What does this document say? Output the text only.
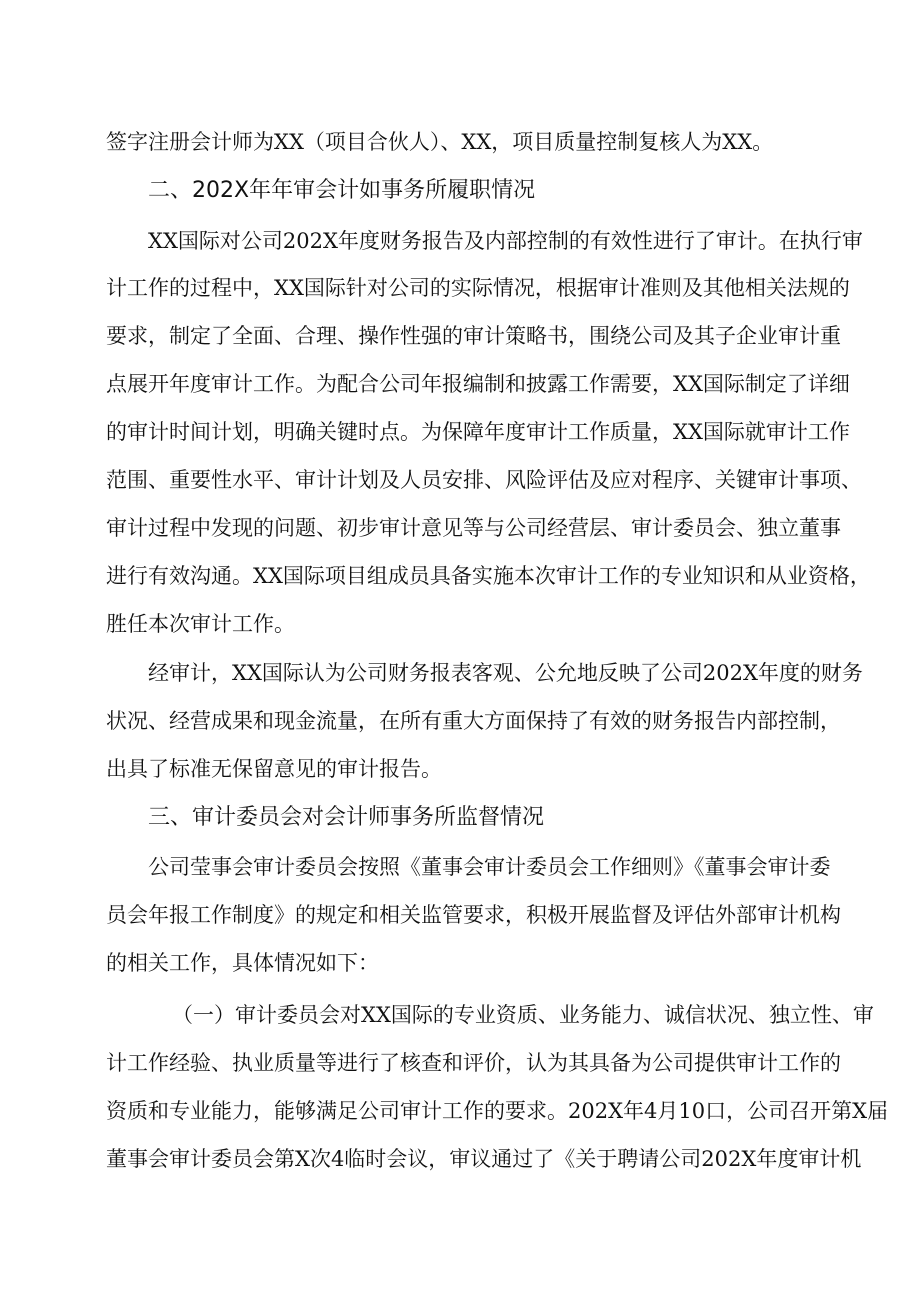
签字注册会计师为XX（项目合伙人）、XX，项目质量控制复核人为XX。
二、202X年年审会计如事务所履职情况
XX国际对公司202X年度财务报告及内部控制的有效性进行了审计。在执行审
计工作的过程中，XX国际针对公司的实际情况，根据审计准则及其他相关法规的
要求，制定了全面、合理、操作性强的审计策略书，围绕公司及其子企业审计重
点展开年度审计工作。为配合公司年报编制和披露工作需要，XX国际制定了详细
的审计时间计划，明确关键时点。为保障年度审计工作质量，XX国际就审计工作
范围、重要性水平、审计计划及人员安排、风险评估及应对程序、关键审计事项、
审计过程中发现的问题、初步审计意见等与公司经营层、审计委员会、独立董事
进行有效沟通。XX国际项目组成员具备实施本次审计工作的专业知识和从业资格，
胜任本次审计工作。
经审计，XX国际认为公司财务报表客观、公允地反映了公司202X年度的财务
状况、经营成果和现金流量，在所有重大方面保持了有效的财务报告内部控制，
出具了标准无保留意见的审计报告。
三、审计委员会对会计师事务所监督情况
公司莹事会审计委员会按照《董事会审计委员会工作细则》《董事会审计委
员会年报工作制度》的规定和相关监管要求，积极开展监督及评估外部审计机构
的相关工作，具体情况如下：
（一）审计委员会对XX国际的专业资质、业务能力、诚信状况、独立性、审
计工作经验、执业质量等进行了核查和评价，认为其具备为公司提供审计工作的
资质和专业能力，能够满足公司审计工作的要求。202X年4月10口，公司召开第X届
董事会审计委员会第X次4临时会议，审议通过了《关于聘请公司202X年度审计机
